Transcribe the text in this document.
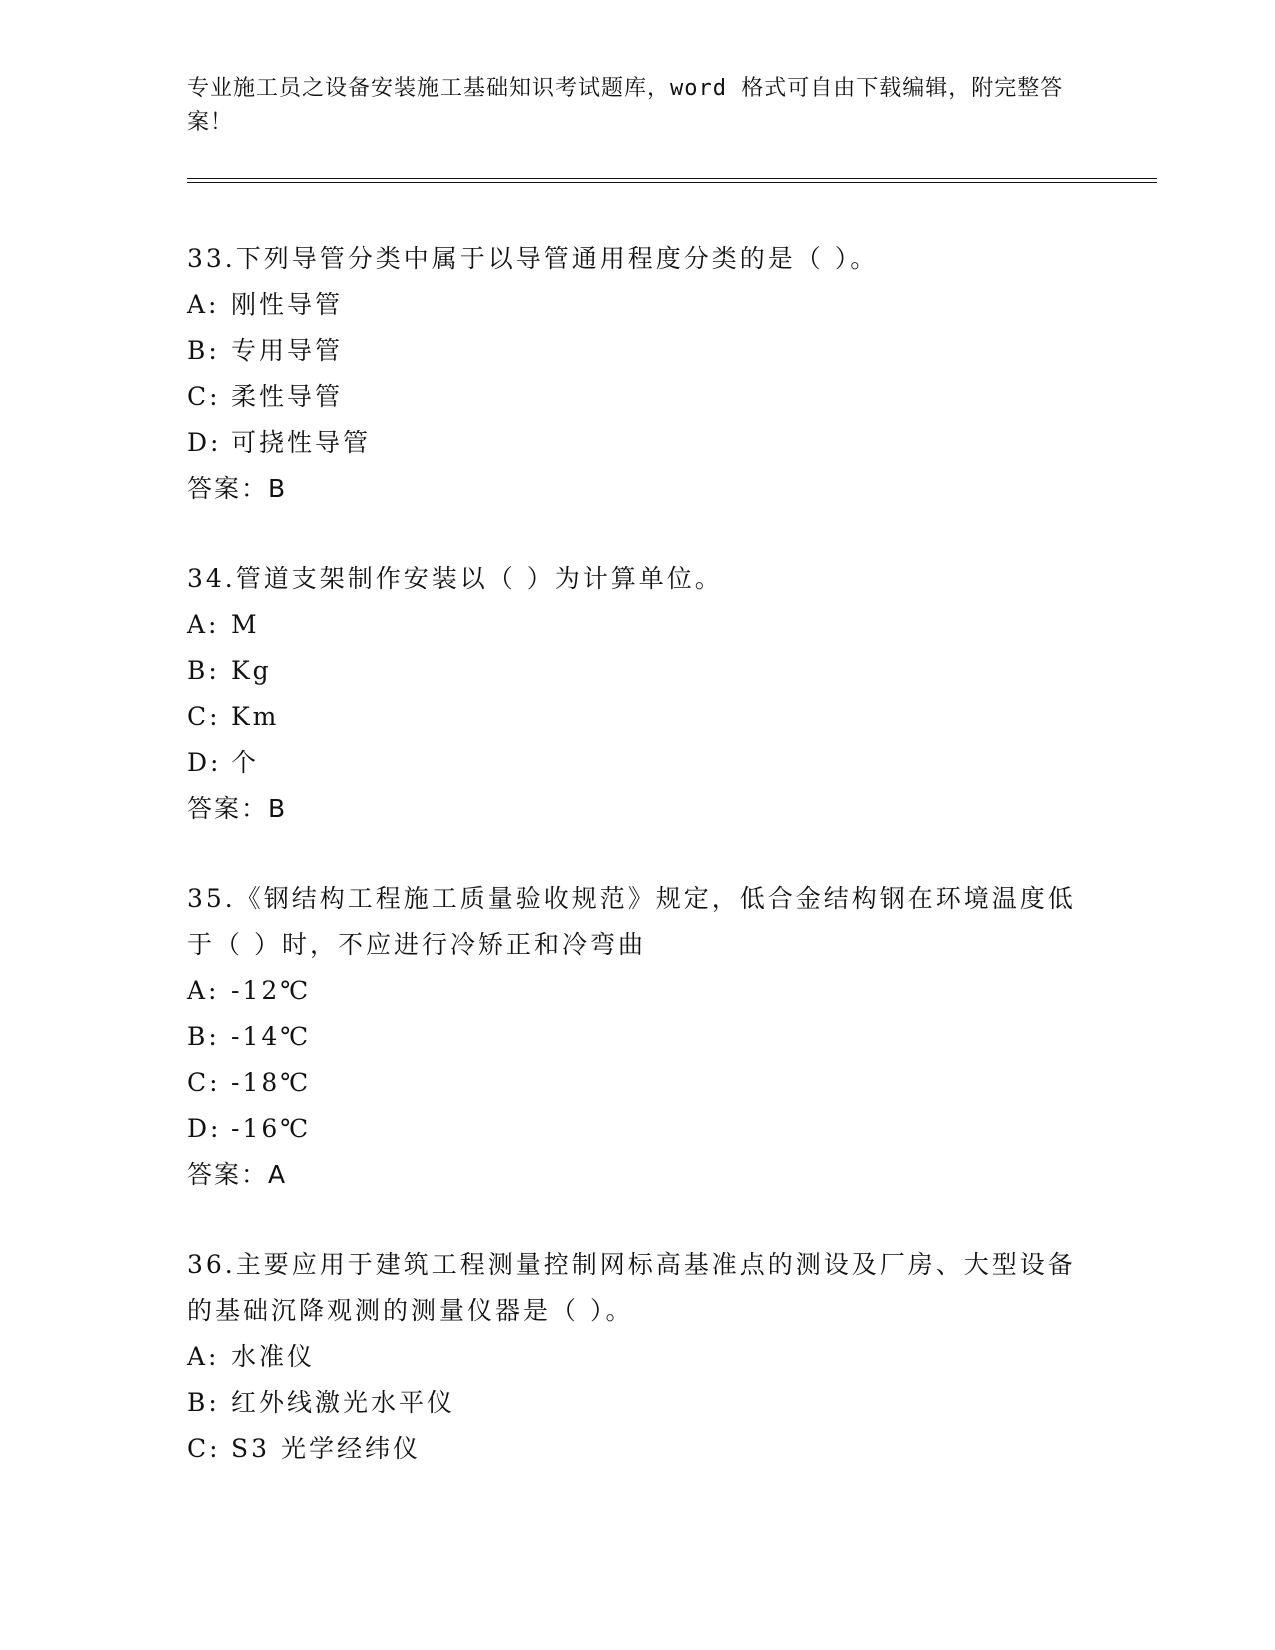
专业施工员之设备安装施工基础知识考试题库，word 格式可自由下载编辑，附完整答案！

33.下列导管分类中属于以导管通用程度分类的是（ ）。

A: 刚性导管

B: 专用导管

C: 柔性导管

D: 可挠性导管

答案：B

34.管道支架制作安装以（ ）为计算单位。

A: M

B: Kg

C: Km

D: 个

答案：B

35.《钢结构工程施工质量验收规范》规定，低合金结构钢在环境温度低于（ ）时，不应进行冷矫正和冷弯曲

A: -12℃

B: -14℃

C: -18℃

D: -16℃

答案：A

36.主要应用于建筑工程测量控制网标高基准点的测设及厂房、大型设备的基础沉降观测的测量仪器是（ ）。

A: 水准仪

B: 红外线激光水平仪

C: S3 光学经纬仪
